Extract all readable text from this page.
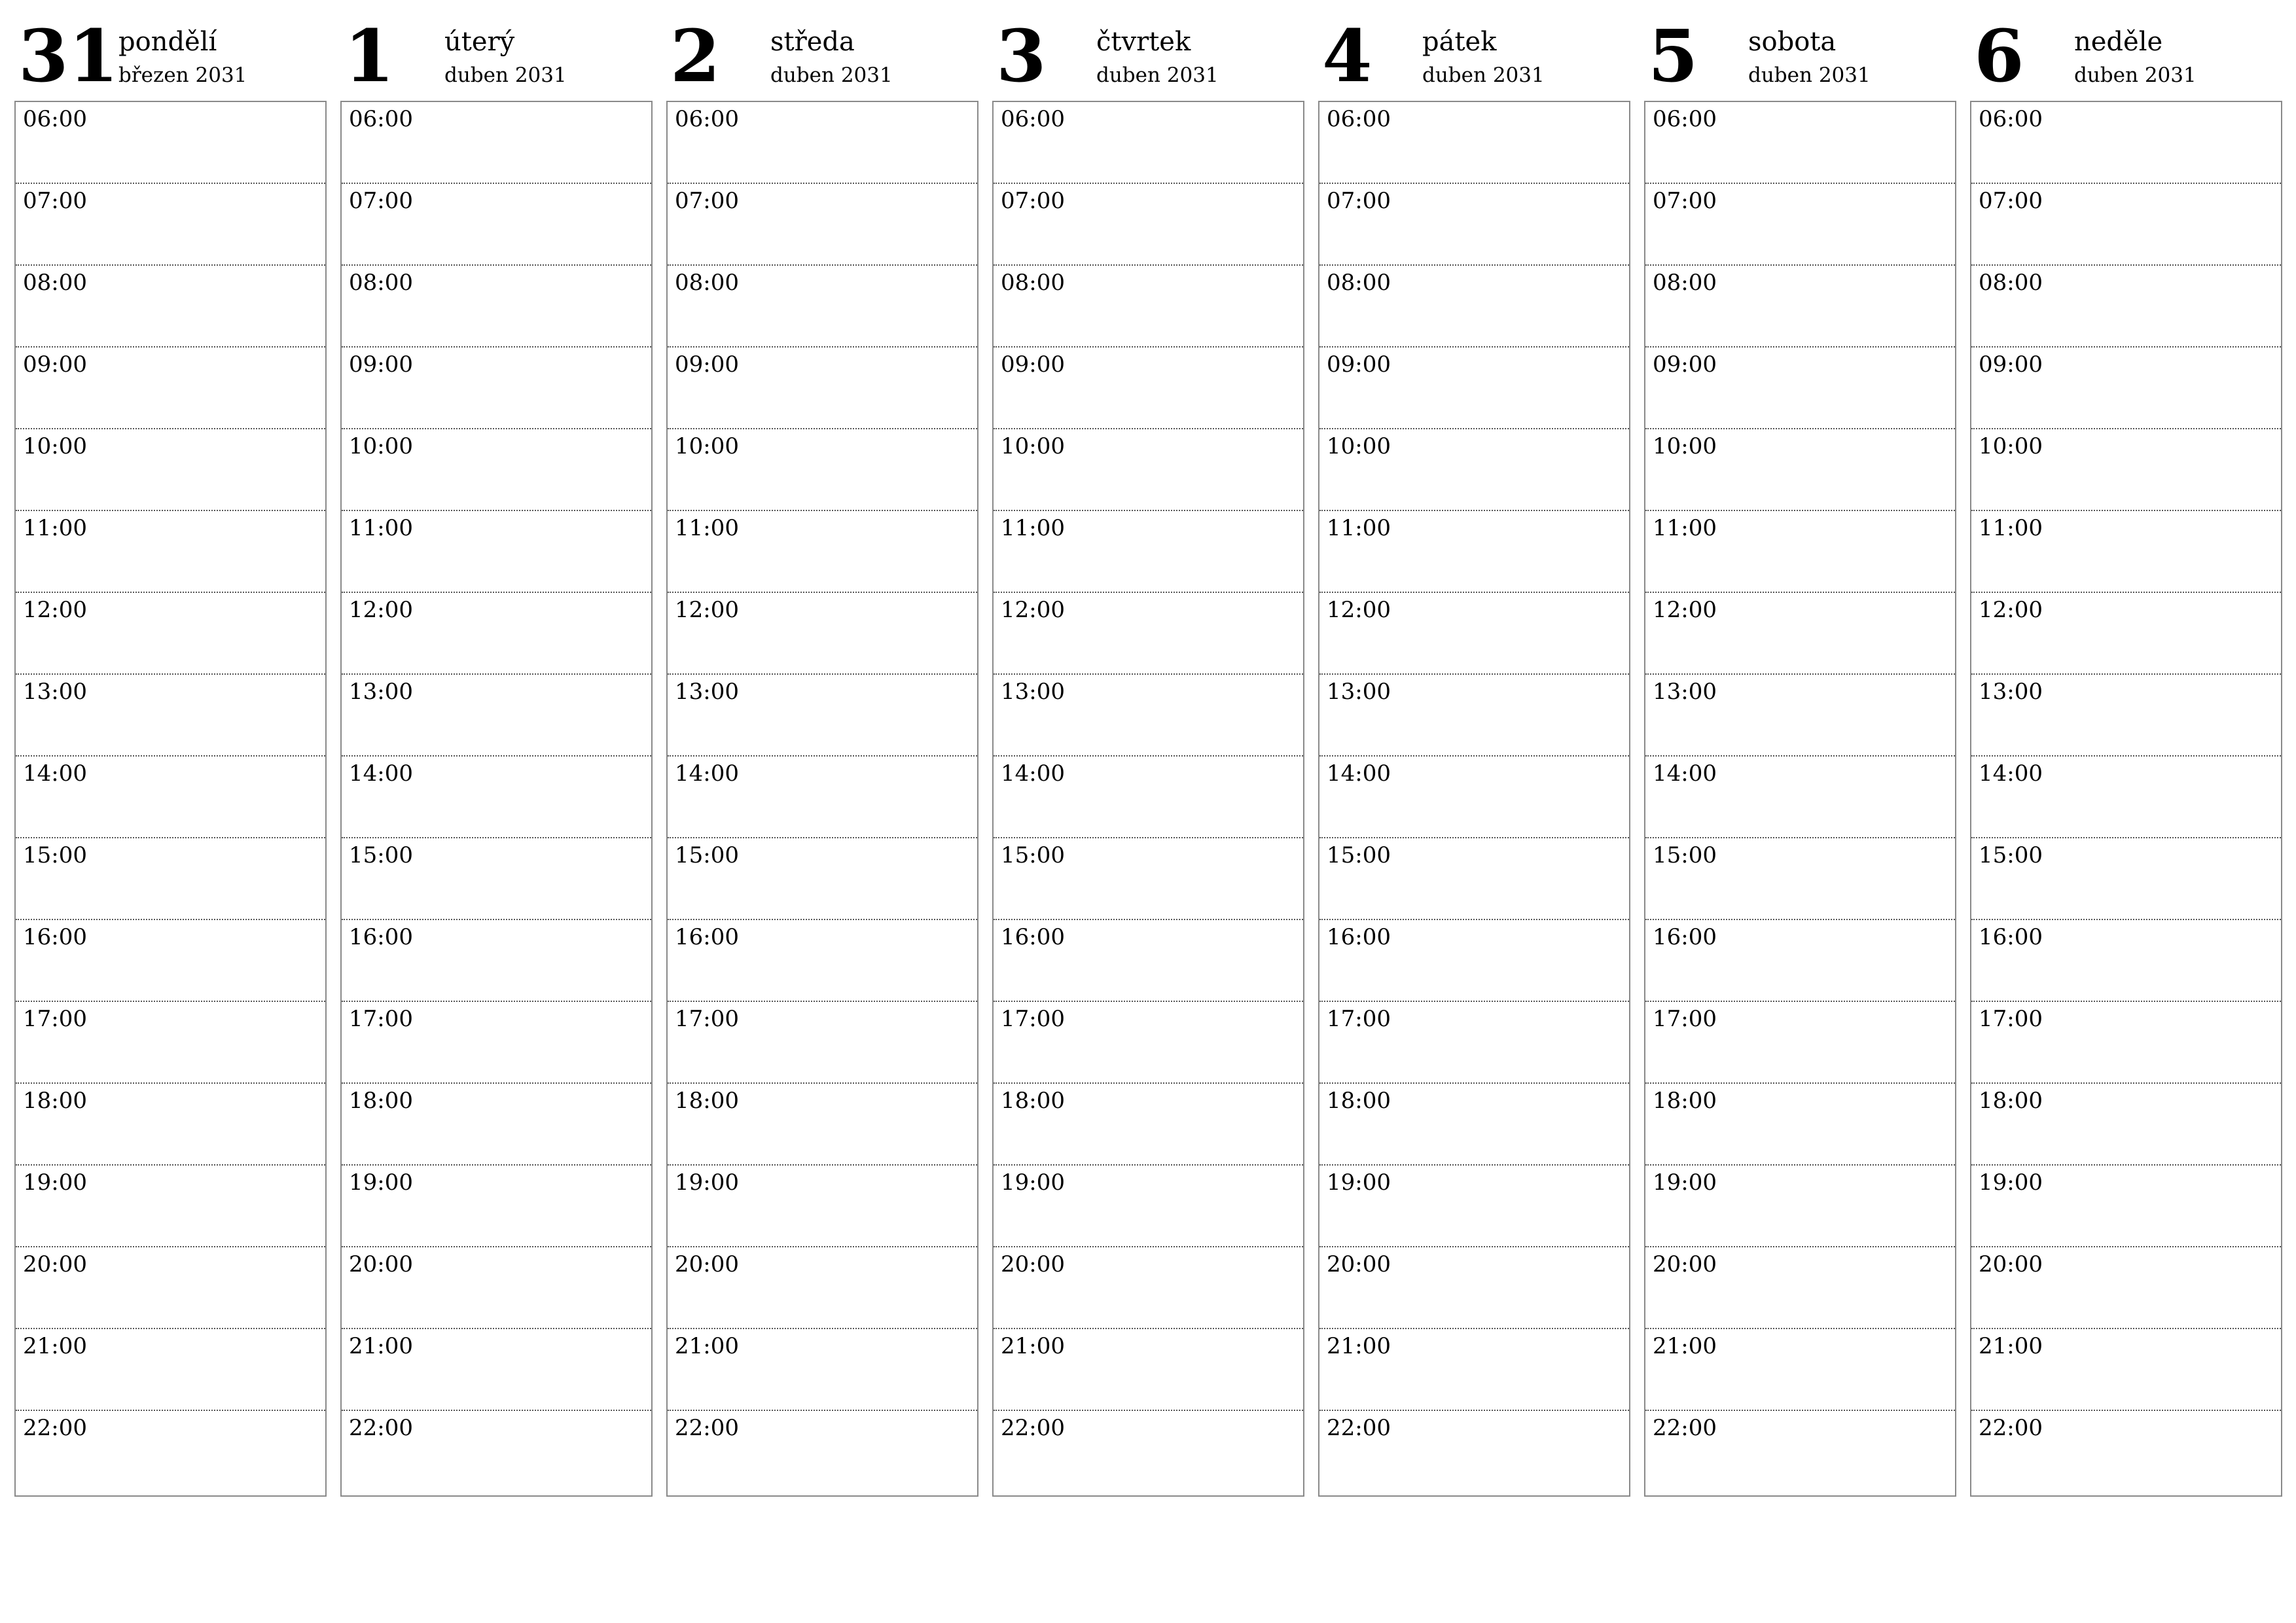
31 pondělí
březen 2031
06:00
07:00
08:00
09:00
10:00
11:00
12:00
13:00
14:00
15:00
16:00
17:00
18:00
19:00
20:00
21:00
22:00
1 úterý
duben 2031
06:00
07:00
08:00
09:00
10:00
11:00
12:00
13:00
14:00
15:00
16:00
17:00
18:00
19:00
20:00
21:00
22:00
2 středa
duben 2031
06:00
07:00
08:00
09:00
10:00
11:00
12:00
13:00
14:00
15:00
16:00
17:00
18:00
19:00
20:00
21:00
22:00
3 čtvrtek
duben 2031
06:00
07:00
08:00
09:00
10:00
11:00
12:00
13:00
14:00
15:00
16:00
17:00
18:00
19:00
20:00
21:00
22:00
4 pátek
duben 2031
06:00
07:00
08:00
09:00
10:00
11:00
12:00
13:00
14:00
15:00
16:00
17:00
18:00
19:00
20:00
21:00
22:00
5 sobota
duben 2031
06:00
07:00
08:00
09:00
10:00
11:00
12:00
13:00
14:00
15:00
16:00
17:00
18:00
19:00
20:00
21:00
22:00
6 neděle
duben 2031
06:00
07:00
08:00
09:00
10:00
11:00
12:00
13:00
14:00
15:00
16:00
17:00
18:00
19:00
20:00
21:00
22:00
